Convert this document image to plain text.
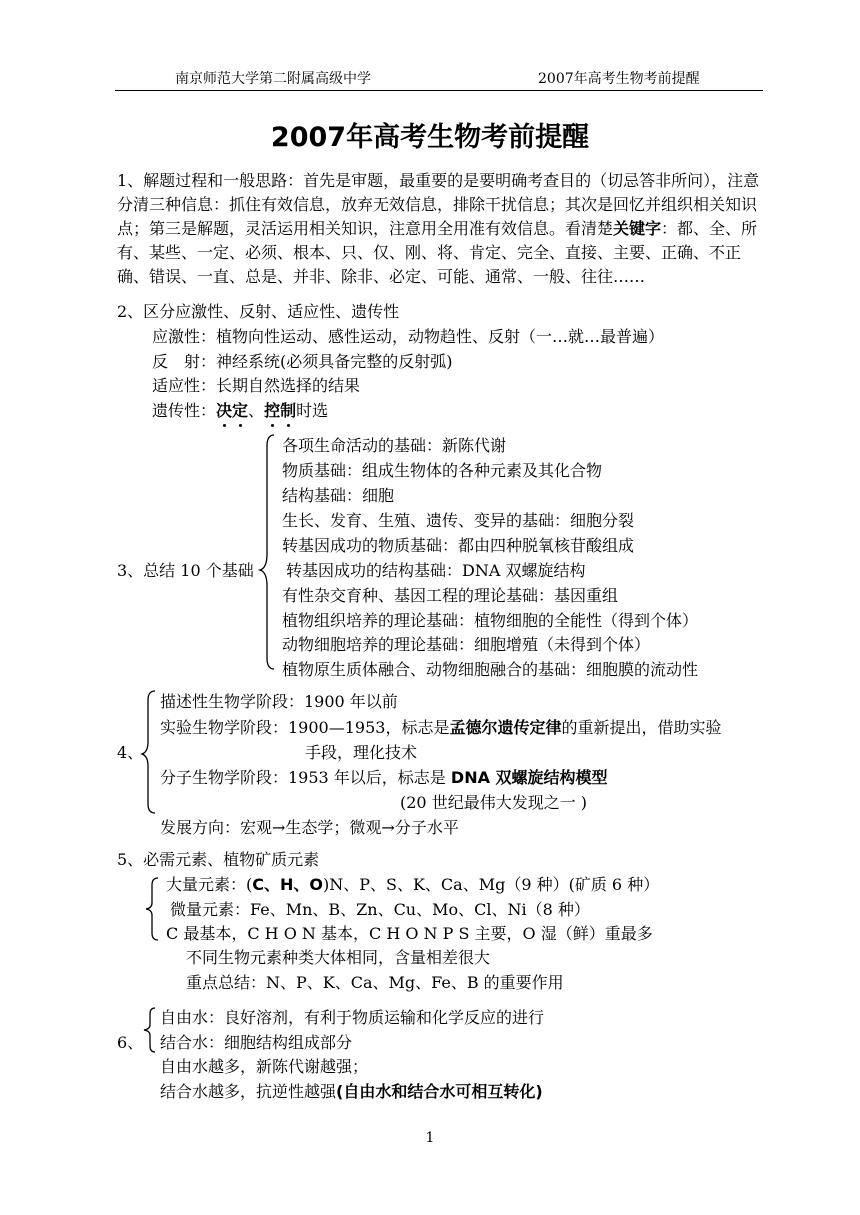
南京师范大学第二附属高级中学	2007年高考生物考前提醒
2007年高考生物考前提醒
1、解题过程和一般思路：首先是审题，最重要的是要明确考查目的（切忌答非所问），注意分清三种信息：抓住有效信息，放弃无效信息，排除干扰信息；其次是回忆并组织相关知识点；第三是解题，灵活运用相关知识，注意用全用准有效信息。看清楚关键字：都、全、所有、某些、一定、必须、根本、只、仅、刚、将、肯定、完全、直接、主要、正确、不正确、错误、一直、总是、并非、除非、必定、可能、通常、一般、往往……
2、区分应激性、反射、适应性、遗传性
应激性：植物向性运动、感性运动，动物趋性、反射（一…就…最普遍）
反　射：神经系统(必须具备完整的反射弧)
适应性：长期自然选择的结果
遗传性：决定、控制时选
3、总结 10 个基础
各项生命活动的基础：新陈代谢
物质基础：组成生物体的各种元素及其化合物
结构基础：细胞
生长、发育、生殖、遗传、变异的基础：细胞分裂
转基因成功的物质基础：都由四种脱氧核苷酸组成
转基因成功的结构基础：DNA 双螺旋结构
有性杂交育种、基因工程的理论基础：基因重组
植物组织培养的理论基础：植物细胞的全能性（得到个体）
动物细胞培养的理论基础：细胞增殖（未得到个体）
植物原生质体融合、动物细胞融合的基础：细胞膜的流动性
4、
描述性生物学阶段：1900 年以前
实验生物学阶段：1900—1953，标志是孟德尔遗传定律的重新提出，借助实验
手段，理化技术
分子生物学阶段：1953 年以后，标志是 DNA 双螺旋结构模型
(20 世纪最伟大发现之一 )
发展方向：宏观→生态学；微观→分子水平
5、必需元素、植物矿质元素
大量元素：(C、H、O)N、P、S、K、Ca、Mg（9 种）(矿质 6 种）
微量元素：Fe、Mn、B、Zn、Cu、Mo、Cl、Ni（8 种）
C 最基本，C H O N 基本，C H O N P S 主要，O 湿（鲜）重最多
不同生物元素种类大体相同，含量相差很大
重点总结：N、P、K、Ca、Mg、Fe、B 的重要作用
6、
自由水：良好溶剂，有利于物质运输和化学反应的进行
结合水：细胞结构组成部分
自由水越多，新陈代谢越强；
结合水越多，抗逆性越强(自由水和结合水可相互转化)
1
